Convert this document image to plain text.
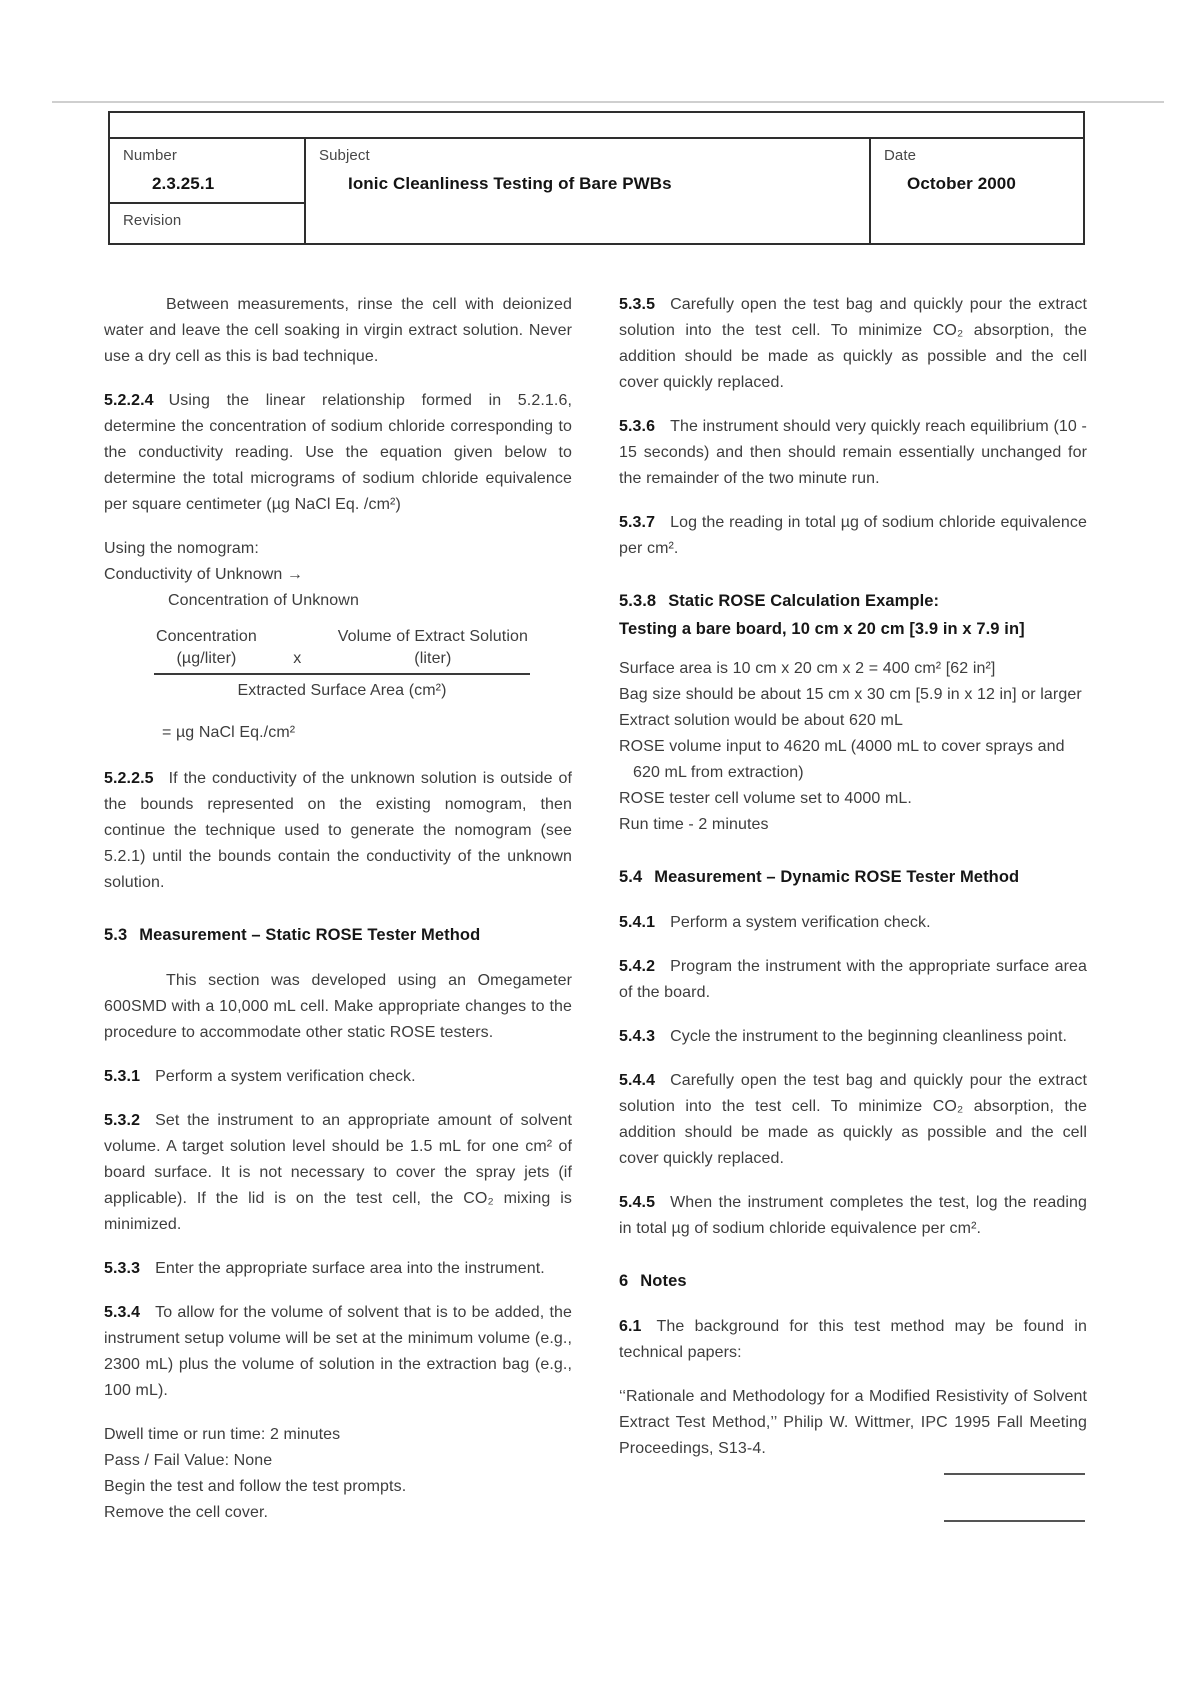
Number
2.3.25.1
Revision
Subject
Ionic Cleanliness Testing of Bare PWBs
Date
October 2000

Between measurements, rinse the cell with deionized water and leave the cell soaking in virgin extract solution. Never use a dry cell as this is bad technique.

5.2.2.4 Using the linear relationship formed in 5.2.1.6, determine the concentration of sodium chloride corresponding to the conductivity reading. Use the equation given below to determine the total micrograms of sodium chloride equivalence per square centimeter (µg NaCl Eq. /cm²)

Using the nomogram:
Conductivity of Unknown →
Concentration of Unknown
Concentration
(µg/liter)	x
Volume of Extract Solution
(liter)
Extracted Surface Area (cm²)

= µg NaCl Eq./cm²

5.2.2.5 If the conductivity of the unknown solution is outside of the bounds represented on the existing nomogram, then continue the technique used to generate the nomogram (see 5.2.1) until the bounds contain the conductivity of the unknown solution.

5.3 Measurement – Static ROSE Tester Method

This section was developed using an Omegameter 600SMD with a 10,000 mL cell. Make appropriate changes to the procedure to accommodate other static ROSE testers.

5.3.1 Perform a system verification check.

5.3.2 Set the instrument to an appropriate amount of solvent volume. A target solution level should be 1.5 mL for one cm² of board surface. It is not necessary to cover the spray jets (if applicable). If the lid is on the test cell, the CO₂ mixing is minimized.

5.3.3 Enter the appropriate surface area into the instrument.

5.3.4 To allow for the volume of solvent that is to be added, the instrument setup volume will be set at the minimum volume (e.g., 2300 mL) plus the volume of solution in the extraction bag (e.g., 100 mL).

Dwell time or run time: 2 minutes
Pass / Fail Value: None
Begin the test and follow the test prompts.
Remove the cell cover.

5.3.5 Carefully open the test bag and quickly pour the extract solution into the test cell. To minimize CO₂ absorption, the addition should be made as quickly as possible and the cell cover quickly replaced.

5.3.6 The instrument should very quickly reach equilibrium (10 - 15 seconds) and then should remain essentially unchanged for the remainder of the two minute run.

5.3.7 Log the reading in total µg of sodium chloride equivalence per cm².

5.3.8 Static ROSE Calculation Example:
Testing a bare board, 10 cm x 20 cm [3.9 in x 7.9 in]
Surface area is 10 cm x 20 cm x 2 = 400 cm² [62 in²]
Bag size should be about 15 cm x 30 cm [5.9 in x 12 in] or larger
Extract solution would be about 620 mL
ROSE volume input to 4620 mL (4000 mL to cover sprays and 620 mL from extraction)
ROSE tester cell volume set to 4000 mL.
Run time - 2 minutes
5.4 Measurement – Dynamic ROSE Tester Method

5.4.1 Perform a system verification check.

5.4.2 Program the instrument with the appropriate surface area of the board.

5.4.3 Cycle the instrument to the beginning cleanliness point.

5.4.4 Carefully open the test bag and quickly pour the extract solution into the test cell. To minimize CO₂ absorption, the addition should be made as quickly as possible and the cell cover quickly replaced.

5.4.5 When the instrument completes the test, log the reading in total µg of sodium chloride equivalence per cm².

6 Notes

6.1 The background for this test method may be found in technical papers:

‘‘Rationale and Methodology for a Modified Resistivity of Solvent Extract Test Method,’’ Philip W. Wittmer, IPC 1995 Fall Meeting Proceedings, S13-4.
